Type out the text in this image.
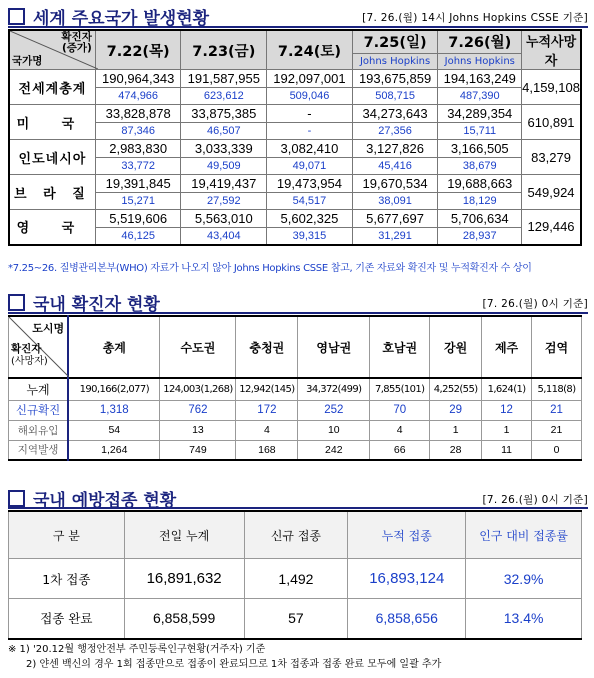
세계 주요국가 발생현황	[7. 26.(월) 14시 Johns Hopkins CSSE 기준]
확진자
(증가)
국가명	7.22(목)	7.23(금)	7.24(토)	7.25(일)	7.26(월)	누적사망자
				Johns Hopkins	Johns Hopkins	
전세계총계	190,964,343	191,587,955	192,097,001	193,675,859	194,163,249	4,159,108
	474,966	623,612	509,046	508,715	487,390	
미 국	33,828,878	33,875,385	-	34,273,643	34,289,354	610,891
	87,346	46,507	-	27,356	15,711	
인도네시아	2,983,830	3,033,339	3,082,410	3,127,826	3,166,505	83,279
	33,772	49,509	49,071	45,416	38,679	
브 라 질	19,391,845	19,419,437	19,473,954	19,670,534	19,688,663	549,924
	15,271	27,592	54,517	38,091	18,129	
영 국	5,519,606	5,563,010	5,602,325	5,677,697	5,706,634	129,446
	46,125	43,404	39,315	31,291	28,937	
*7.25~26. 질병관리본부(WHO) 자료가 나오지 않아 Johns Hopkins CSSE 참고, 기존 자료와 확진자 및 누적확진자 수 상이
국내 확진자 현황	[7. 26.(월) 0시 기준]
도시명
확진자
(사망자)	총계	수도권	충청권	영남권	호남권	강원	제주	검역
누계	190,166(2,077)	124,003(1,268)	12,942(145)	34,372(499)	7,855(101)	4,252(55)	1,624(1)	5,118(8)
신규확진	1,318	762	172	252	70	29	12	21
해외유입	54	13	4	10	4	1	1	21
지역발생	1,264	749	168	242	66	28	11	0
국내 예방접종 현황	[7. 26.(월) 0시 기준]
구 분	전일 누계	신규 접종	누적 접종	인구 대비 접종률
1차 접종	16,891,632	1,492	16,893,124	32.9%
접종 완료	6,858,599	57	6,858,656	13.4%
※ 1) '20.12월 행정안전부 주민등록인구현황(거주자) 기준
2) 얀센 백신의 경우 1회 접종만으로 접종이 완료되므로 1차 접종과 접종 완료 모두에 일괄 추가
